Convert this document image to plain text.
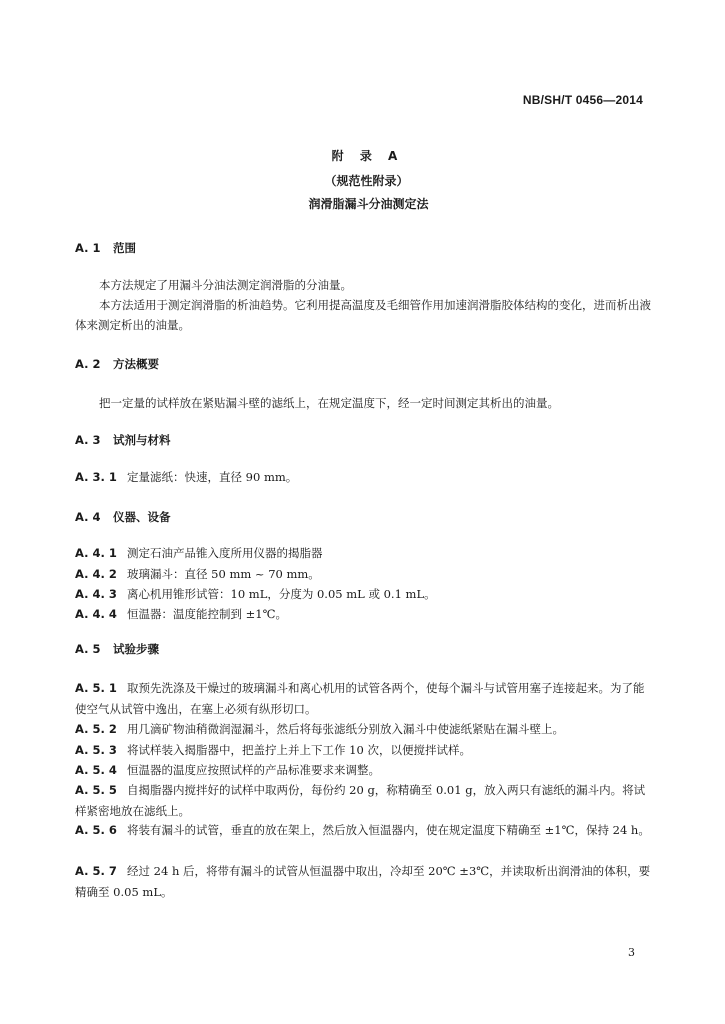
NB/SH/T 0456—2014
附 录 A
（规范性附录）
润滑脂漏斗分油测定法
A. 1 范围
本方法规定了用漏斗分油法测定润滑脂的分油量。
本方法适用于测定润滑脂的析油趋势。它利用提高温度及毛细管作用加速润滑脂胶体结构的变化，进而析出液体来测定析出的油量。
A. 2 方法概要
把一定量的试样放在紧贴漏斗壁的滤纸上，在规定温度下，经一定时间测定其析出的油量。
A. 3 试剂与材料
A. 3. 1 定量滤纸：快速，直径 90 mm。
A. 4 仪器、设备
A. 4. 1 测定石油产品锥入度所用仪器的揭脂器
A. 4. 2 玻璃漏斗：直径 50 mm ~ 70 mm。
A. 4. 3 离心机用锥形试管：10 mL，分度为 0.05 mL 或 0.1 mL。
A. 4. 4 恒温器：温度能控制到 ±1℃。
A. 5 试验步骤
A. 5. 1 取预先洗涤及干燥过的玻璃漏斗和离心机用的试管各两个，使每个漏斗与试管用塞子连接起来。为了能使空气从试管中逸出，在塞上必须有纵形切口。
A. 5. 2 用几滴矿物油稍微润湿漏斗，然后将每张滤纸分别放入漏斗中使滤纸紧贴在漏斗壁上。
A. 5. 3 将试样装入揭脂器中，把盖拧上并上下工作 10 次，以便搅拌试样。
A. 5. 4 恒温器的温度应按照试样的产品标准要求来调整。
A. 5. 5 自揭脂器内搅拌好的试样中取两份，每份约 20 g，称精确至 0.01 g，放入两只有滤纸的漏斗内。将试样紧密地放在滤纸上。
A. 5. 6 将装有漏斗的试管，垂直的放在架上，然后放入恒温器内，使在规定温度下精确至 ±1℃，保持 24 h。
A. 5. 7 经过 24 h 后，将带有漏斗的试管从恒温器中取出，冷却至 20℃ ±3℃，并读取析出润滑油的体积，要精确至 0.05 mL。
3
